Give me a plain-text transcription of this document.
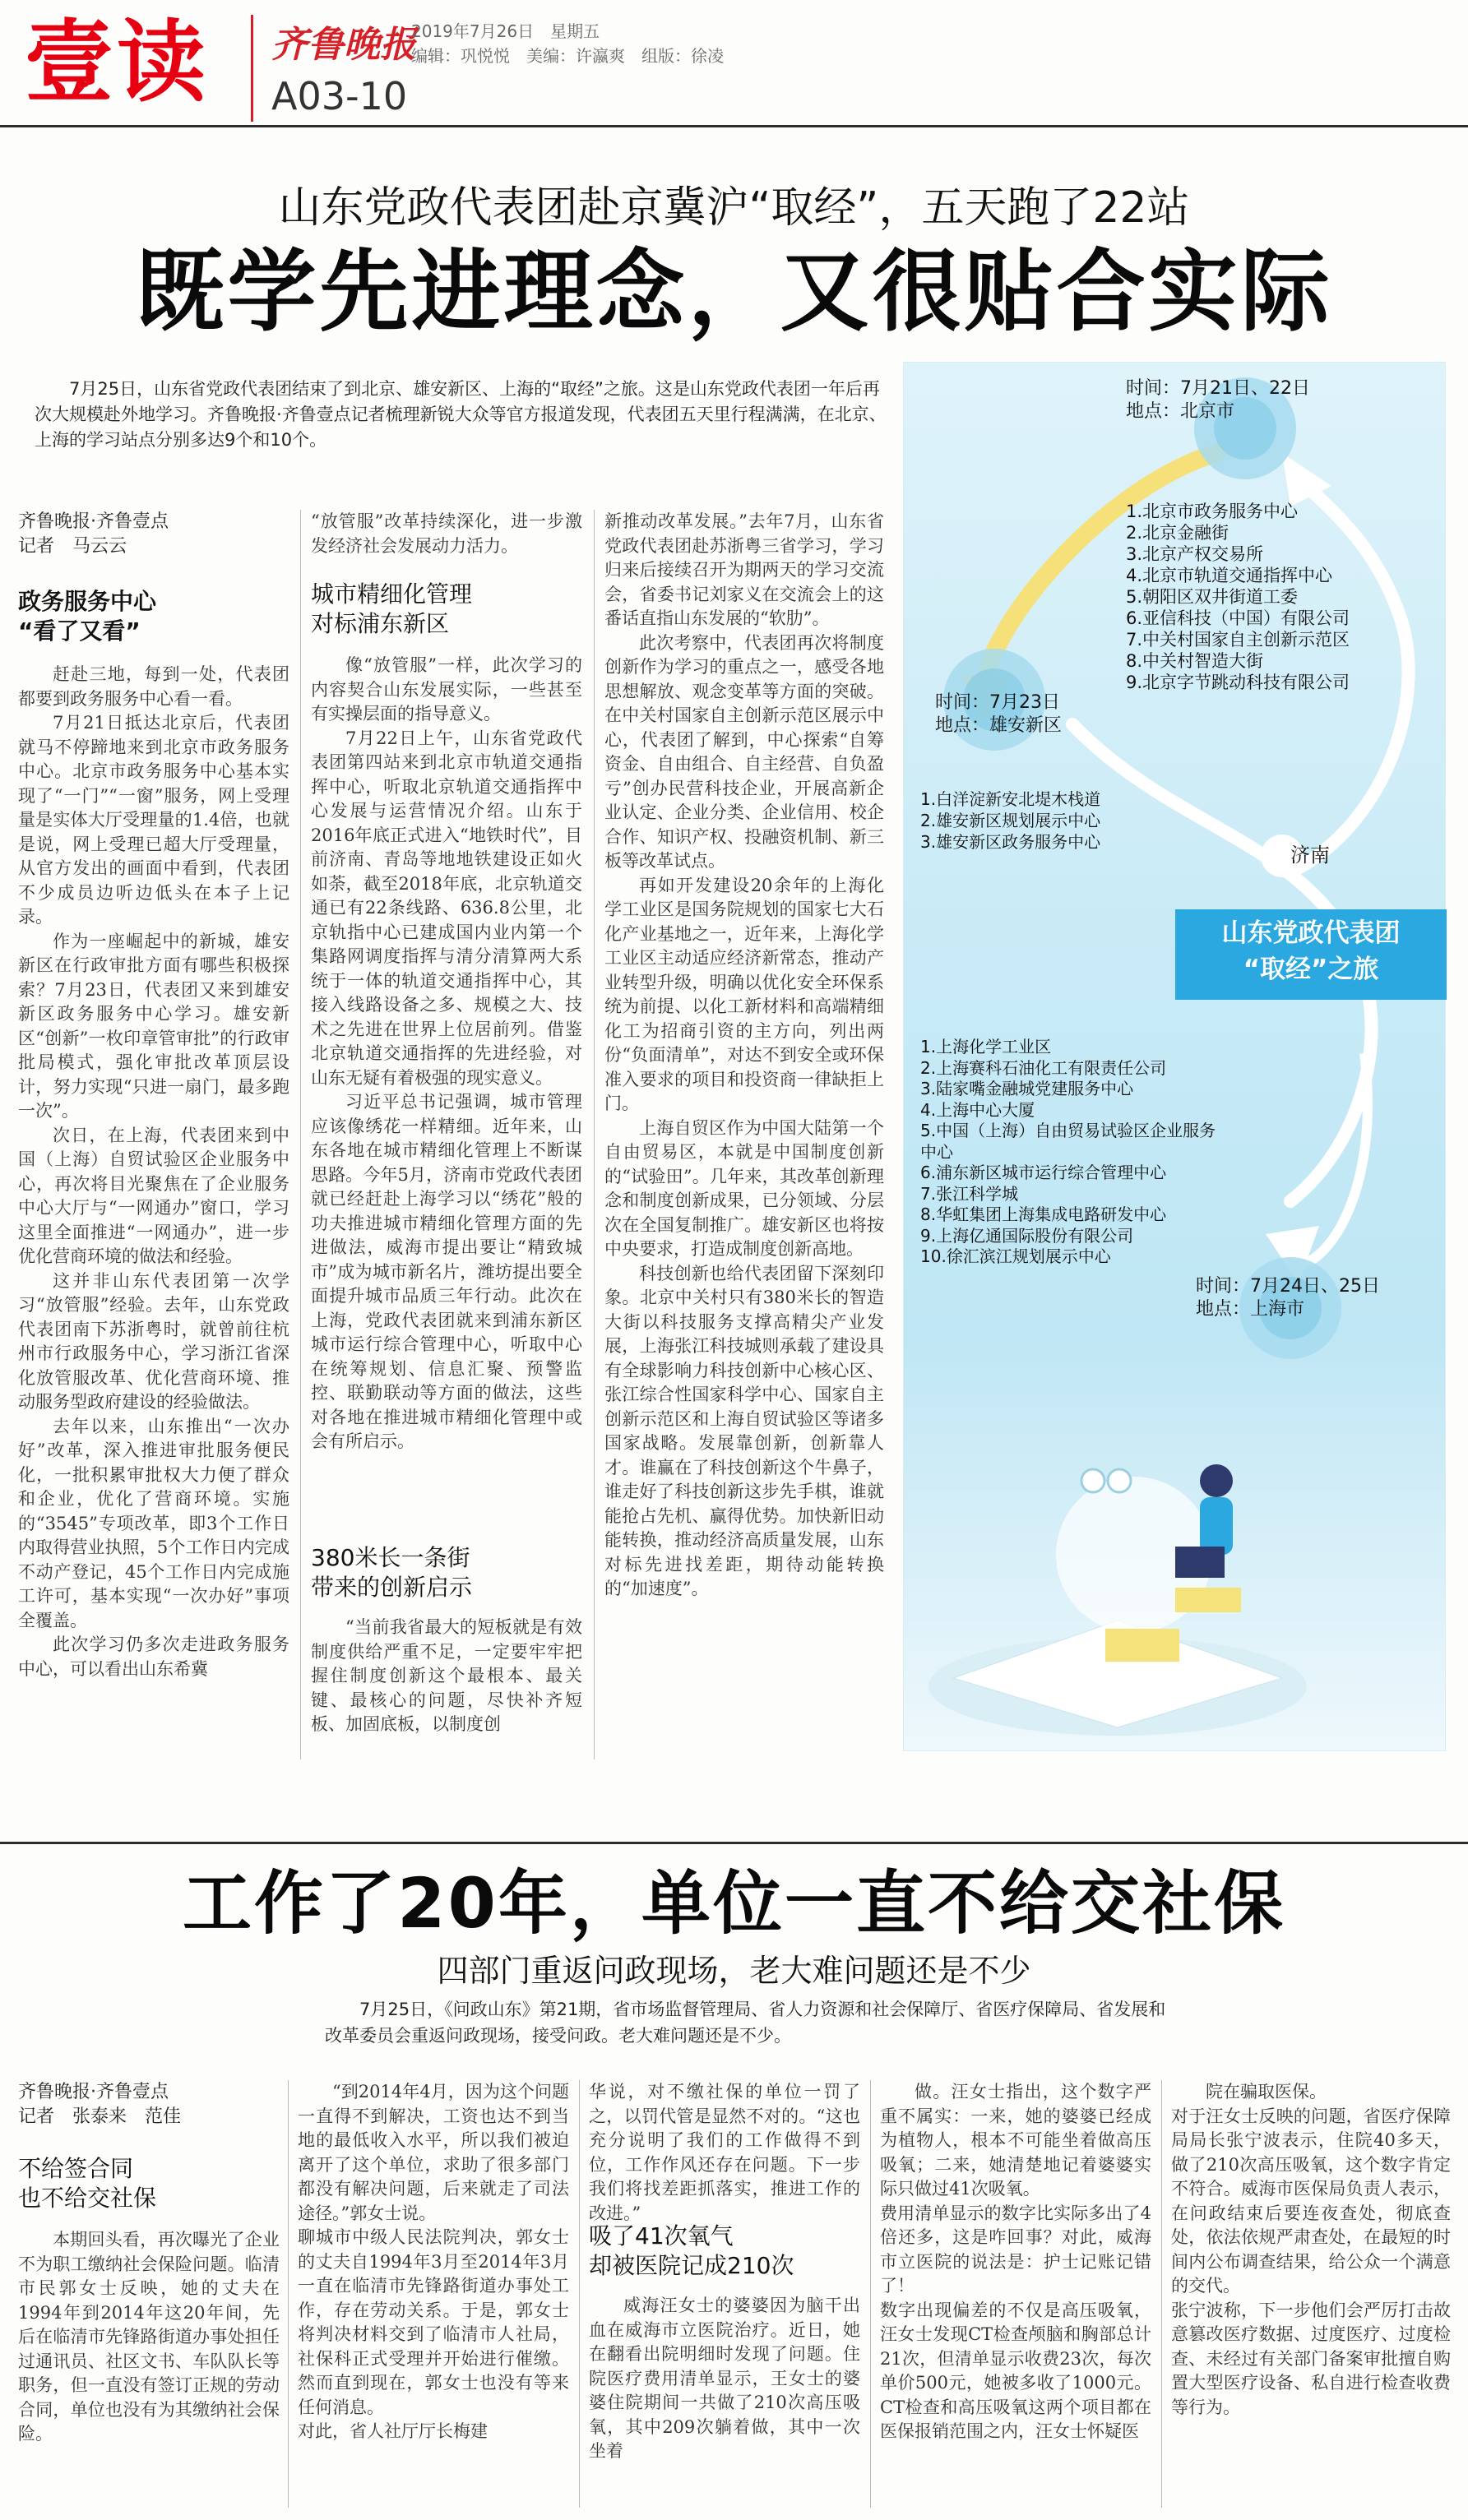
壹读	齐鲁晚报
A03-10
2019年7月26日　星期五
编辑：巩悦悦　美编：许瀛爽　组版：徐凌
山东党政代表团赴京冀沪“取经”，五天跑了22站
既学先进理念，又很贴合实际
7月25日，山东省党政代表团结束了到北京、雄安新区、上海的“取经”之旅。这是山东党政代表团一年后再次大规模赴外地学习。齐鲁晚报·齐鲁壹点记者梳理新锐大众等官方报道发现，代表团五天里行程满满，在北京、上海的学习站点分别多达9个和10个。
齐鲁晚报·齐鲁壹点
记者　马云云
政务服务中心
“看了又看”

赶赴三地，每到一处，代表团都要到政务服务中心看一看。

7月21日抵达北京后，代表团就马不停蹄地来到北京市政务服务中心。北京市政务服务中心基本实现了“一门”“一窗”服务，网上受理量是实体大厅受理量的1.4倍，也就是说，网上受理已超大厅受理量，从官方发出的画面中看到，代表团不少成员边听边低头在本子上记录。

作为一座崛起中的新城，雄安新区在行政审批方面有哪些积极探索？7月23日，代表团又来到雄安新区政务服务中心学习。雄安新区“创新”一枚印章管审批”的行政审批局模式，强化审批改革顶层设计，努力实现“只进一扇门，最多跑一次”。

次日，在上海，代表团来到中国（上海）自贸试验区企业服务中心，再次将目光聚焦在了企业服务中心大厅与“一网通办”窗口，学习这里全面推进“一网通办”，进一步优化营商环境的做法和经验。

这并非山东代表团第一次学习“放管服”经验。去年，山东党政代表团南下苏浙粤时，就曾前往杭州市行政服务中心，学习浙江省深化放管服改革、优化营商环境、推动服务型政府建设的经验做法。

去年以来，山东推出“一次办好”改革，深入推进审批服务便民化，一批积累审批权大力便了群众和企业，优化了营商环境。实施的“3545”专项改革，即3个工作日内取得营业执照，5个工作日内完成不动产登记，45个工作日内完成施工许可，基本实现“一次办好”事项全覆盖。

此次学习仍多次走进政务服务中心，可以看出山东希冀

“放管服”改革持续深化，进一步激发经济社会发展动力活力。

城市精细化管理
对标浦东新区

像“放管服”一样，此次学习的内容契合山东发展实际，一些甚至有实操层面的指导意义。

7月22日上午，山东省党政代表团第四站来到北京市轨道交通指挥中心，听取北京轨道交通指挥中心发展与运营情况介绍。山东于2016年底正式进入“地铁时代”，目前济南、青岛等地地铁建设正如火如荼，截至2018年底，北京轨道交通已有22条线路、636.8公里，北京轨指中心已建成国内业内第一个集路网调度指挥与清分清算两大系统于一体的轨道交通指挥中心，其接入线路设备之多、规模之大、技术之先进在世界上位居前列。借鉴北京轨道交通指挥的先进经验，对山东无疑有着极强的现实意义。

习近平总书记强调，城市管理应该像绣花一样精细。近年来，山东各地在城市精细化管理上不断谋思路。今年5月，济南市党政代表团就已经赶赴上海学习以“绣花”般的功夫推进城市精细化管理方面的先进做法，威海市提出要让“精致城市”成为城市新名片，潍坊提出要全面提升城市品质三年行动。此次在上海，党政代表团就来到浦东新区城市运行综合管理中心，听取中心在统筹规划、信息汇聚、预警监控、联勤联动等方面的做法，这些对各地在推进城市精细化管理中或会有所启示。

380米长一条街
带来的创新启示

“当前我省最大的短板就是有效制度供给严重不足，一定要牢牢把握住制度创新这个最根本、最关键、最核心的问题，尽快补齐短板、加固底板，以制度创

新推动改革发展。”去年7月，山东省党政代表团赴苏浙粤三省学习，学习归来后接续召开为期两天的学习交流会，省委书记刘家义在交流会上的这番话直指山东发展的“软肋”。

此次考察中，代表团再次将制度创新作为学习的重点之一，感受各地思想解放、观念变革等方面的突破。在中关村国家自主创新示范区展示中心，代表团了解到，中心探索“自筹资金、自由组合、自主经营、自负盈亏”创办民营科技企业，开展高新企业认定、企业分类、企业信用、校企合作、知识产权、投融资机制、新三板等改革试点。

再如开发建设20余年的上海化学工业区是国务院规划的国家七大石化产业基地之一，近年来，上海化学工业区主动适应经济新常态，推动产业转型升级，明确以优化安全环保系统为前提、以化工新材料和高端精细化工为招商引资的主方向，列出两份“负面清单”，对达不到安全或环保准入要求的项目和投资商一律缺拒上门。

上海自贸区作为中国大陆第一个自由贸易区，本就是中国制度创新的“试验田”。几年来，其改革创新理念和制度创新成果，已分领域、分层次在全国复制推广。雄安新区也将按中央要求，打造成制度创新高地。

科技创新也给代表团留下深刻印象。北京中关村只有380米长的智造大街以科技服务支撑高精尖产业发展，上海张江科技城则承载了建设具有全球影响力科技创新中心核心区、张江综合性国家科学中心、国家自主创新示范区和上海自贸试验区等诸多国家战略。发展靠创新，创新靠人才。谁赢在了科技创新这个牛鼻子，谁走好了科技创新这步先手棋，谁就能抢占先机、赢得优势。加快新旧动能转换，推动经济高质量发展，山东对标先进找差距，期待动能转换的“加速度”。

时间：7月21日、22日
地点：北京市
1.北京市政务服务中心
2.北京金融街
3.北京产权交易所
4.北京市轨道交通指挥中心
5.朝阳区双井街道工委
6.亚信科技（中国）有限公司
7.中关村国家自主创新示范区
8.中关村智造大街
9.北京字节跳动科技有限公司
时间：7月23日
地点：雄安新区
1.白洋淀新安北堤木栈道
2.雄安新区规划展示中心
3.雄安新区政务服务中心
济南
山东党政代表团
“取经”之旅
1.上海化学工业区
2.上海赛科石油化工有限责任公司
3.陆家嘴金融城党建服务中心
4.上海中心大厦
5.中国（上海）自由贸易试验区企业服务中心
6.浦东新区城市运行综合管理中心
7.张江科学城
8.华虹集团上海集成电路研发中心
9.上海亿通国际股份有限公司
10.徐汇滨江规划展示中心
时间：7月24日、25日
地点：上海市
工作了20年，单位一直不给交社保
四部门重返问政现场，老大难问题还是不少
7月25日，《问政山东》第21期，省市场监督管理局、省人力资源和社会保障厅、省医疗保障局、省发展和改革委员会重返问政现场，接受问政。老大难问题还是不少。
齐鲁晚报·齐鲁壹点
记者　张泰来　范佳
不给签合同
也不给交社保

本期回头看，再次曝光了企业不为职工缴纳社会保险问题。临清市民郭女士反映，她的丈夫在1994年到2014年这20年间，先后在临清市先锋路街道办事处担任过通讯员、社区文书、车队队长等职务，但一直没有签订正规的劳动合同，单位也没有为其缴纳社会保险。

“到2014年4月，因为这个问题一直得不到解决，工资也达不到当地的最低收入水平，所以我们被迫离开了这个单位，求助了很多部门都没有解决问题，后来就走了司法途径。”郭女士说。
聊城市中级人民法院判决，郭女士的丈夫自1994年3月至2014年3月一直在临清市先锋路街道办事处工作，存在劳动关系。于是，郭女士将判决材料交到了临清市人社局，社保科正式受理并开始进行催缴。然而直到现在，郭女士也没有等来任何消息。
对此，省人社厅厅长梅建

华说，对不缴社保的单位一罚了之，以罚代管是显然不对的。“这也充分说明了我们的工作做得不到位，工作作风还存在问题。下一步我们将找差距抓落实，推进工作的改进。”

吸了41次氧气
却被医院记成210次

威海汪女士的婆婆因为脑干出血在威海市立医院治疗。近日，她在翻看出院明细时发现了问题。住院医疗费用清单显示，王女士的婆婆住院期间一共做了210次高压吸氧，其中209次躺着做，其中一次坐着

做。汪女士指出，这个数字严重不属实：一来，她的婆婆已经成为植物人，根本不可能坐着做高压吸氧；二来，她清楚地记着婆婆实际只做过41次吸氧。
费用清单显示的数字比实际多出了4倍还多，这是咋回事？对此，威海市立医院的说法是：护士记账记错了！
数字出现偏差的不仅是高压吸氧，汪女士发现CT检查颅脑和胸部总计21次，但清单显示收费23次，每次单价500元，她被多收了1000元。CT检查和高压吸氧这两个项目都在医保报销范围之内，汪女士怀疑医
院在骗取医保。
对于汪女士反映的问题，省医疗保障局局长张宁波表示，住院40多天，做了210次高压吸氧，这个数字肯定不符合。威海市医保局负责人表示，在问政结束后要连夜查处，彻底查处，依法依规严肃查处，在最短的时间内公布调查结果，给公众一个满意的交代。
张宁波称，下一步他们会严厉打击故意篡改医疗数据、过度医疗、过度检查、未经过有关部门备案审批擅自购置大型医疗设备、私自进行检查收费等行为。
